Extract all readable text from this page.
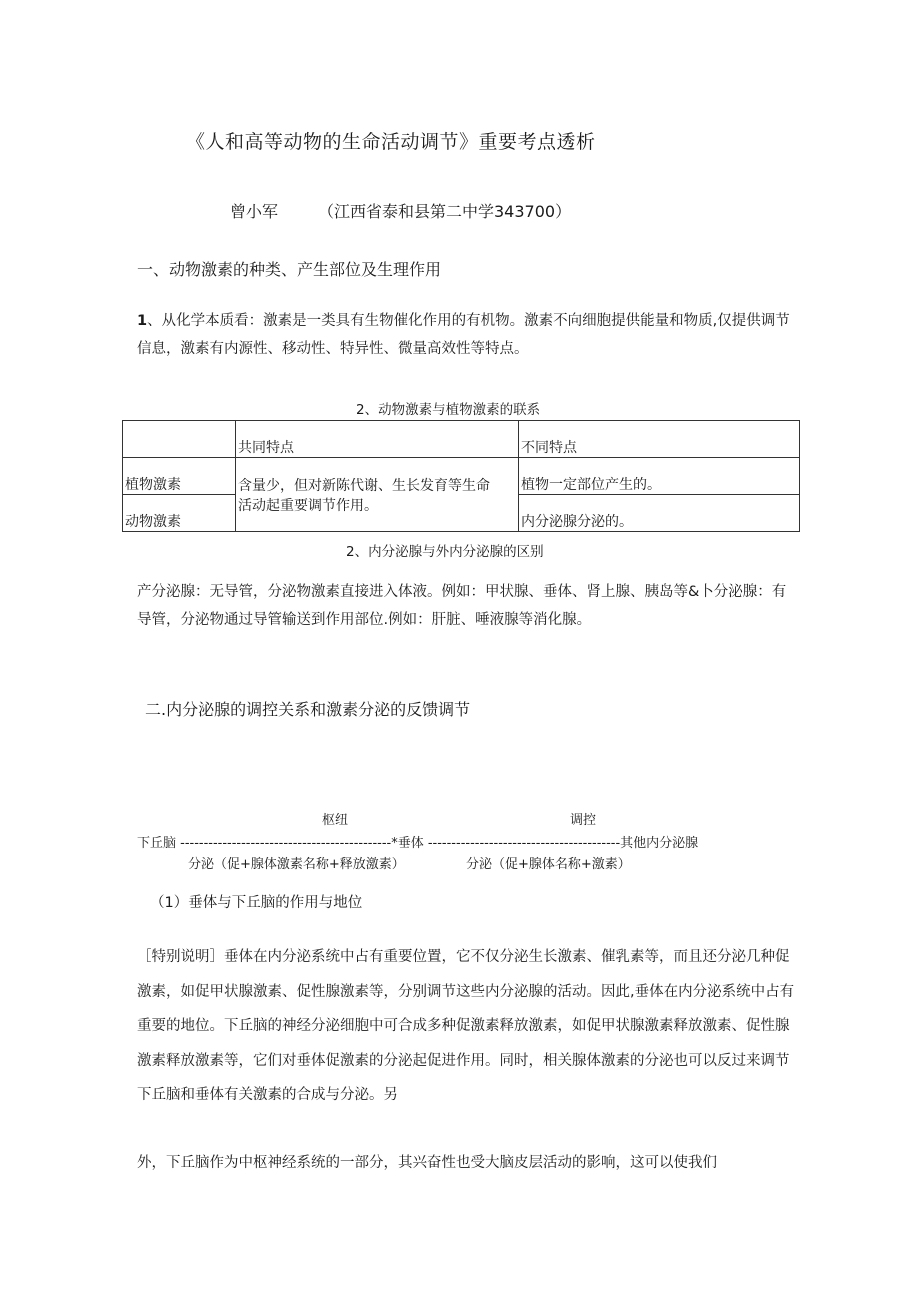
《人和高等动物的生命活动调节》重要考点透析
曾小军 （江西省泰和县第二中学343700）
一、动物激素的种类、产生部位及生理作用
1、从化学本质看：激素是一类具有生物催化作用的有机物。激素不向细胞提供能量和物质,仅提供调节信息，激素有内源性、移动性、特异性、微量高效性等特点。
2、动物激素与植物激素的联系
	共同特点	不同特点
植物激素	含量少，但对新陈代谢、生长发育等生命	植物一定部位产生的。
动物激素	活动起重要调节作用。	内分泌腺分泌的。
2、内分泌腺与外内分泌腺的区别
产分泌腺：无导管，分泌物激素直接进入体液。例如：甲状腺、垂体、肾上腺、胰岛等&卜分泌腺：有导管，分泌物通过导管输送到作用部位.例如：肝脏、唾液腺等消化腺。
二.内分泌腺的调控关系和激素分泌的反馈调节
枢纽	调控
下丘脑 ---------------------------------------------*垂体 -----------------------------------------其他内分泌腺
分泌（促+腺体激素名称+释放激素）	分泌（促+腺体名称+激素）
（1）垂体与下丘脑的作用与地位
［特别说明］垂体在内分泌系统中占有重要位置，它不仅分泌生长激素、催乳素等，而且还分泌几种促激素，如促甲状腺激素、促性腺激素等，分别调节这些内分泌腺的活动。因此,垂体在内分泌系统中占有重要的地位。下丘脑的神经分泌细胞中可合成多种促激素释放激素，如促甲状腺激素释放激素、促性腺激素释放激素等，它们对垂体促激素的分泌起促进作用。同时，相关腺体激素的分泌也可以反过来调节下丘脑和垂体有关激素的合成与分泌。另
外，下丘脑作为中枢神经系统的一部分，其兴奋性也受大脑皮层活动的影响，这可以使我们
